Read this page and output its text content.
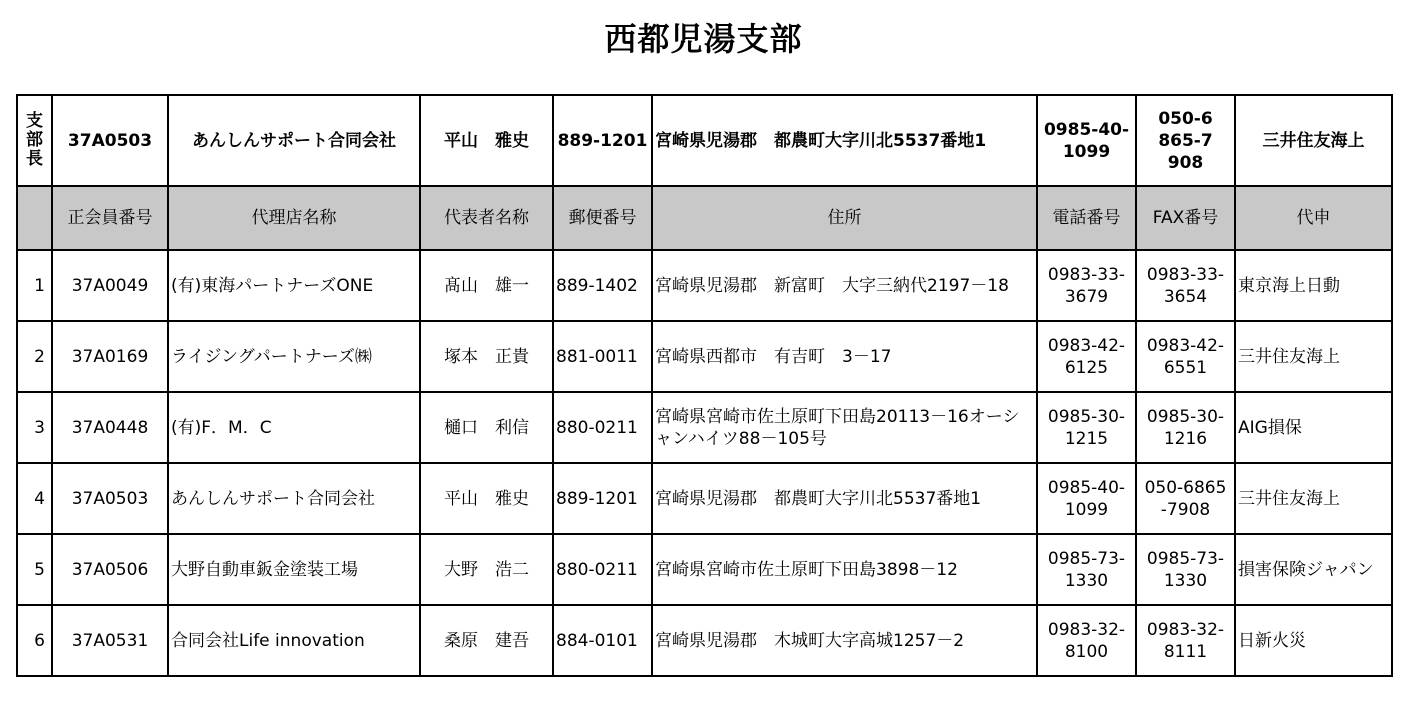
西都児湯支部
支
部
長	37A0503	あんしんサポート合同会社	平山　雅史	889-1201	宮崎県児湯郡　都農町大字川北5537番地1	0985-40-1099	050-6865-7908	三井住友海上
	正会員番号	代理店名称	代表者名称	郵便番号	住所	電話番号	FAX番号	代申
1	37A0049	(有)東海パートナーズONE	髙山　雄一	889-1402	宮崎県児湯郡　新富町　大字三納代2197－18	0983-33-3679	0983-33-3654	東京海上日動
2	37A0169	ライジングパートナーズ㈱	塚本　正貴	881-0011	宮崎県西都市　有吉町　3－17	0983-42-6125	0983-42-6551	三井住友海上
3	37A0448	(有)F．M．C	樋口　利信	880-0211	宮崎県宮崎市佐土原町下田島20113－16オーシャンハイツ88－105号	0985-30-1215	0985-30-1216	AIG損保
4	37A0503	あんしんサポート合同会社	平山　雅史	889-1201	宮崎県児湯郡　都農町大字川北5537番地1	0985-40-1099	050-6865-7908	三井住友海上
5	37A0506	大野自動車鈑金塗装工場	大野　浩二	880-0211	宮崎県宮崎市佐土原町下田島3898－12	0985-73-1330	0985-73-1330	損害保険ジャパン
6	37A0531	合同会社Life innovation	桑原　建吾	884-0101	宮崎県児湯郡　木城町大字高城1257－2	0983-32-8100	0983-32-8111	日新火災
